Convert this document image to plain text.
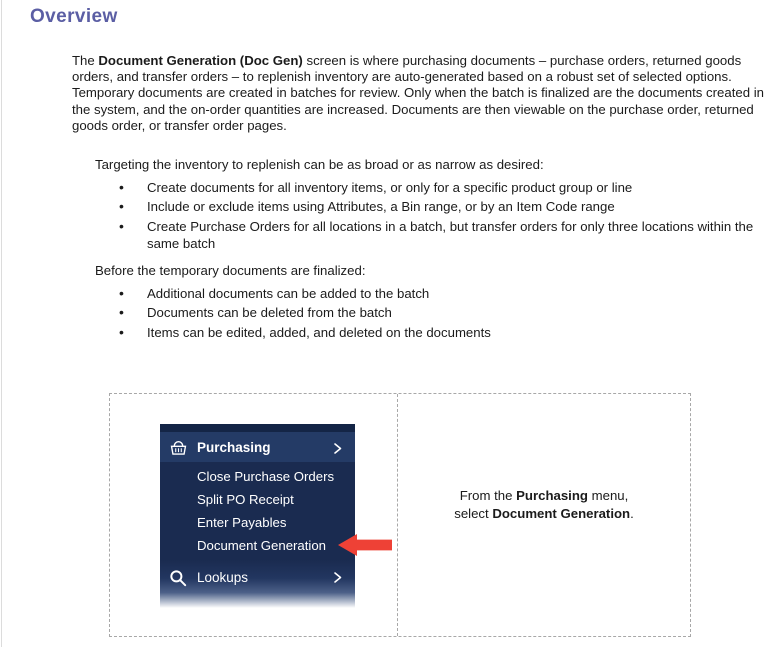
Overview

The Document Generation (Doc Gen) screen is where purchasing documents – purchase orders, returned goods orders, and transfer orders – to replenish inventory are auto-generated based on a robust set of selected options. Temporary documents are created in batches for review. Only when the batch is finalized are the documents created in the system, and the on-order quantities are increased. Documents are then viewable on the purchase order, returned goods order, or transfer order pages.

Targeting the inventory to replenish can be as broad or as narrow as desired:
• Create documents for all inventory items, or only for a specific product group or line
• Include or exclude items using Attributes, a Bin range, or by an Item Code range
• Create Purchase Orders for all locations in a batch, but transfer orders for only three locations within the same batch
Before the temporary documents are finalized:
• Additional documents can be added to the batch
• Documents can be deleted from the batch
• Items can be edited, added, and deleted on the documents
Purchasing
Close Purchase Orders
Split PO Receipt
Enter Payables
Document Generation
Lookups
From the Purchasing menu,
select Document Generation.
